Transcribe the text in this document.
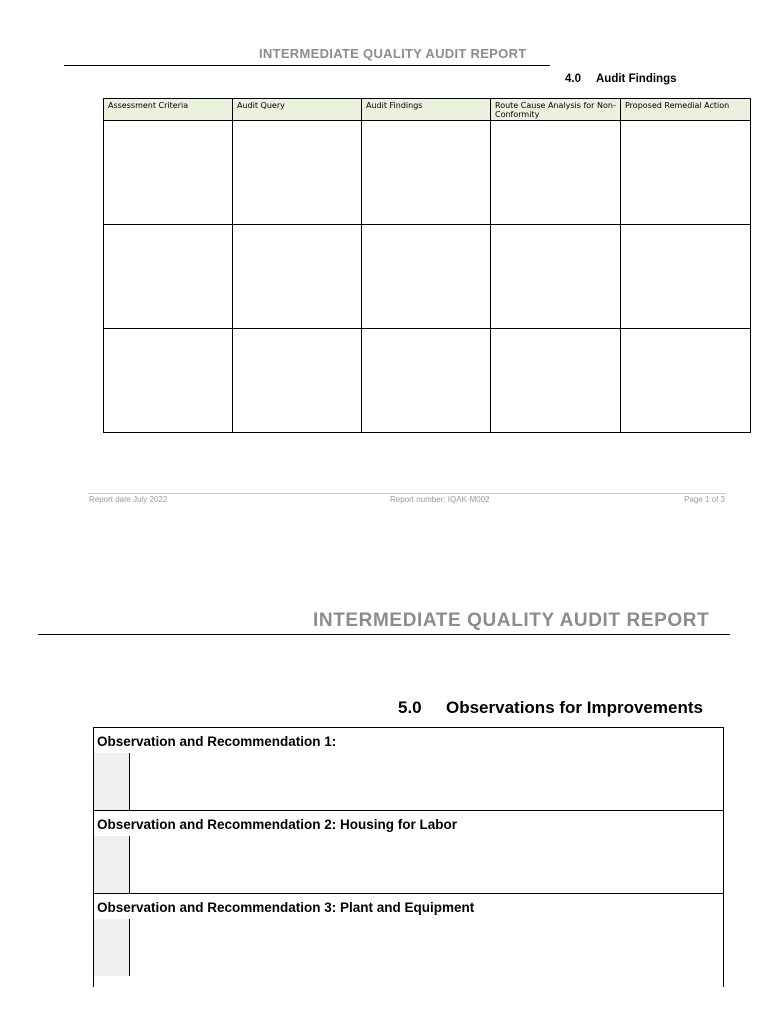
INTERMEDIATE QUALITY AUDIT REPORT
4.0 Audit Findings
Assessment Criteria	Audit Query	Audit Findings	Route Cause Analysis for Non-Conformity	Proposed Remedial Action

Report date July 2022	Report number: IQAK-M002	Page 1 of 3
INTERMEDIATE QUALITY AUDIT REPORT
5.0 Observations for Improvements
Observation and Recommendation 1:
Observation and Recommendation 2: Housing for Labor
Observation and Recommendation 3: Plant and Equipment
